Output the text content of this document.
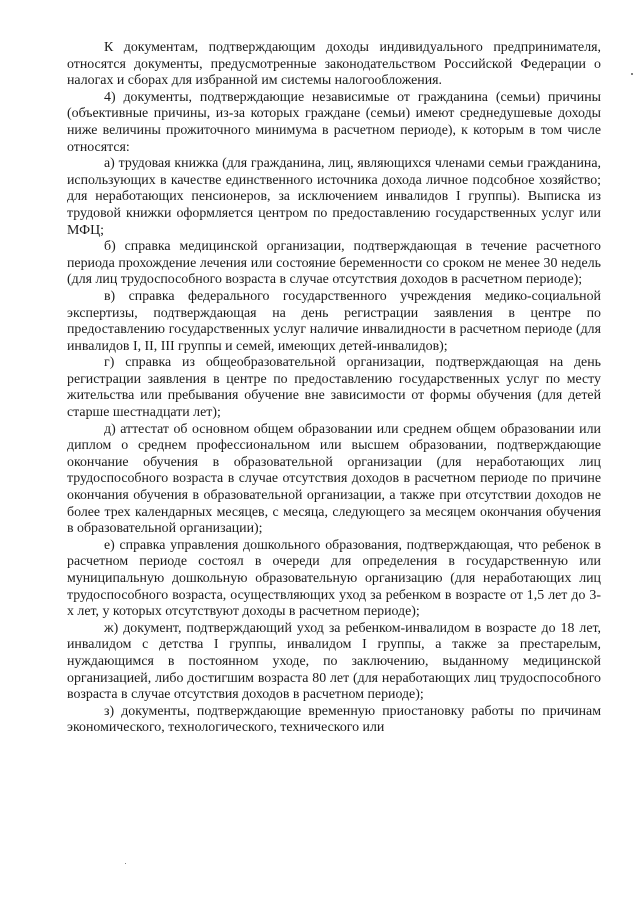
К документам, подтверждающим доходы индивидуального предпринимателя, относятся документы, предусмотренные законодательством Российской Федерации о налогах и сборах для избранной им системы налогообложения.

4) документы, подтверждающие независимые от гражданина (семьи) причины (объективные причины, из-за которых граждане (семьи) имеют среднедушевые доходы ниже величины прожиточного минимума в расчетном периоде), к которым в том числе относятся:

а) трудовая книжка (для гражданина, лиц, являющихся членами семьи гражданина, использующих в качестве единственного источника дохода личное подсобное хозяйство; для неработающих пенсионеров, за исключением инвалидов I группы). Выписка из трудовой книжки оформляется центром по предоставлению государственных услуг или МФЦ;

б) справка медицинской организации, подтверждающая в течение расчетного периода прохождение лечения или состояние беременности со сроком не менее 30 недель (для лиц трудоспособного возраста в случае отсутствия доходов в расчетном периоде);

в) справка федерального государственного учреждения медико-социальной экспертизы, подтверждающая на день регистрации заявления в центре по предоставлению государственных услуг наличие инвалидности в расчетном периоде (для инвалидов I, II, III группы и семей, имеющих детей-инвалидов);

г) справка из общеобразовательной организации, подтверждающая на день регистрации заявления в центре по предоставлению государственных услуг по месту жительства или пребывания обучение вне зависимости от формы обучения (для детей старше шестнадцати лет);

д) аттестат об основном общем образовании или среднем общем образовании или диплом о среднем профессиональном или высшем образовании, подтверждающие окончание обучения в образовательной организации (для неработающих лиц трудоспособного возраста в случае отсутствия доходов в расчетном периоде по причине окончания обучения в образовательной организации, а также при отсутствии доходов не более трех календарных месяцев, с месяца, следующего за месяцем окончания обучения в образовательной организации);

е) справка управления дошкольного образования, подтверждающая, что ребенок в расчетном периоде состоял в очереди для определения в государственную или муниципальную дошкольную образовательную организацию (для неработающих лиц трудоспособного возраста, осуществляющих уход за ребенком в возрасте от 1,5 лет до 3-х лет, у которых отсутствуют доходы в расчетном периоде);

ж) документ, подтверждающий уход за ребенком-инвалидом в возрасте до 18 лет, инвалидом с детства I группы, инвалидом I группы, а также за престарелым, нуждающимся в постоянном уходе, по заключению, выданному медицинской организацией, либо достигшим возраста 80 лет (для неработающих лиц трудоспособного возраста в случае отсутствия доходов в расчетном периоде);

з) документы, подтверждающие временную приостановку работы по причинам экономического, технологического, технического или
